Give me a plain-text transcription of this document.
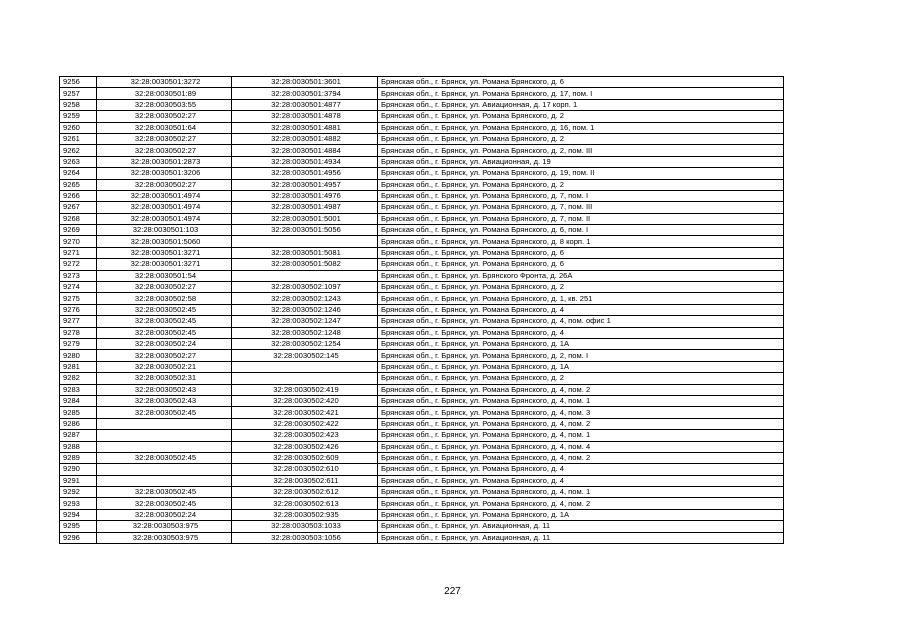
9256	32:28:0030501:3272	32:28:0030501:3601	Брянская обл., г. Брянск, ул. Романа Брянского, д. 6
9257	32:28:0030501:89	32:28:0030501:3794	Брянская обл., г. Брянск, ул. Романа Брянского, д. 17, пом. I
9258	32:28:0030503:55	32:28:0030501:4877	Брянская обл., г. Брянск, ул. Авиационная, д. 17 корп. 1
9259	32:28:0030502:27	32:28:0030501:4878	Брянская обл., г. Брянск, ул. Романа Брянского, д. 2
9260	32:28:0030501:64	32:28:0030501:4881	Брянская обл., г. Брянск, ул. Романа Брянского, д. 16, пом. 1
9261	32:28:0030502:27	32:28:0030501:4882	Брянская обл., г. Брянск, ул. Романа Брянского, д. 2
9262	32:28:0030502:27	32:28:0030501:4884	Брянская обл., г. Брянск, ул. Романа Брянского, д. 2, пом. III
9263	32:28:0030501:2873	32:28:0030501:4934	Брянская обл., г. Брянск, ул. Авиационная, д. 19
9264	32:28:0030501:3206	32:28:0030501:4956	Брянская обл., г. Брянск, ул. Романа Брянского, д. 19, пом. II
9265	32:28:0030502:27	32:28:0030501:4957	Брянская обл., г. Брянск, ул. Романа Брянского, д. 2
9266	32:28:0030501:4974	32:28:0030501:4976	Брянская обл., г. Брянск, ул. Романа Брянского, д. 7, пом. I
9267	32:28:0030501:4974	32:28:0030501:4987	Брянская обл., г. Брянск, ул. Романа Брянского, д. 7, пом. III
9268	32:28:0030501:4974	32:28:0030501:5001	Брянская обл., г. Брянск, ул. Романа Брянского, д. 7, пом. II
9269	32:28:0030501:103	32:28:0030501:5056	Брянская обл., г. Брянск, ул. Романа Брянского, д. 6, пом. I
9270	32:28:0030501:5060		Брянская обл., г. Брянск, ул. Романа Брянского, д. 8 корп. 1
9271	32:28:0030501:3271	32:28:0030501:5081	Брянская обл., г. Брянск, ул. Романа Брянского, д. 6
9272	32:28:0030501:3271	32:28:0030501:5082	Брянская обл., г. Брянск, ул. Романа Брянского, д. 6
9273	32:28:0030501:54		Брянская обл., г. Брянск, ул. Брянского Фронта, д. 26А
9274	32:28:0030502:27	32:28:0030502:1097	Брянская обл., г. Брянск, ул. Романа Брянского, д. 2
9275	32:28:0030502:58	32:28:0030502:1243	Брянская обл., г. Брянск, ул. Романа Брянского, д. 1, кв. 251
9276	32:28:0030502:45	32:28:0030502:1246	Брянская обл., г. Брянск, ул. Романа Брянского, д. 4
9277	32:28:0030502:45	32:28:0030502:1247	Брянская обл., г. Брянск, ул. Романа Брянского, д. 4, пом. офис 1
9278	32:28:0030502:45	32:28:0030502:1248	Брянская обл., г. Брянск, ул. Романа Брянского, д. 4
9279	32:28:0030502:24	32:28:0030502:1254	Брянская обл., г. Брянск, ул. Романа Брянского, д. 1А
9280	32:28:0030502:27	32:28:0030502:145	Брянская обл., г. Брянск, ул. Романа Брянского, д. 2, пом. I
9281	32:28:0030502:21		Брянская обл., г. Брянск, ул. Романа Брянского, д. 1А
9282	32:28:0030502:31		Брянская обл., г. Брянск, ул. Романа Брянского, д. 2
9283	32:28:0030502:43	32:28:0030502:419	Брянская обл., г. Брянск, ул. Романа Брянского, д. 4, пом. 2
9284	32:28:0030502:43	32:28:0030502:420	Брянская обл., г. Брянск, ул. Романа Брянского, д. 4, пом. 1
9285	32:28:0030502:45	32:28:0030502:421	Брянская обл., г. Брянск, ул. Романа Брянского, д. 4, пом. 3
9286		32:28:0030502:422	Брянская обл., г. Брянск, ул. Романа Брянского, д. 4, пом. 2
9287		32:28:0030502:423	Брянская обл., г. Брянск, ул. Романа Брянского, д. 4, пом. 1
9288		32:28:0030502:426	Брянская обл., г. Брянск, ул. Романа Брянского, д. 4, пом. 4
9289	32:28:0030502:45	32:28:0030502:609	Брянская обл., г. Брянск, ул. Романа Брянского, д. 4, пом. 2
9290		32:28:0030502:610	Брянская обл., г. Брянск, ул. Романа Брянского, д. 4
9291		32:28:0030502:611	Брянская обл., г. Брянск, ул. Романа Брянского, д. 4
9292	32:28:0030502:45	32:28:0030502:612	Брянская обл., г. Брянск, ул. Романа Брянского, д. 4, пом. 1
9293	32:28:0030502:45	32:28:0030502:613	Брянская обл., г. Брянск, ул. Романа Брянского, д. 4, пом. 2
9294	32:28:0030502:24	32:28:0030502:935	Брянская обл., г. Брянск, ул. Романа Брянского, д. 1А
9295	32:28:0030503:975	32:28:0030503:1033	Брянская обл., г. Брянск, ул. Авиационная, д. 11
9296	32:28:0030503:975	32:28:0030503:1056	Брянская обл., г. Брянск, ул. Авиационная, д. 11
227
